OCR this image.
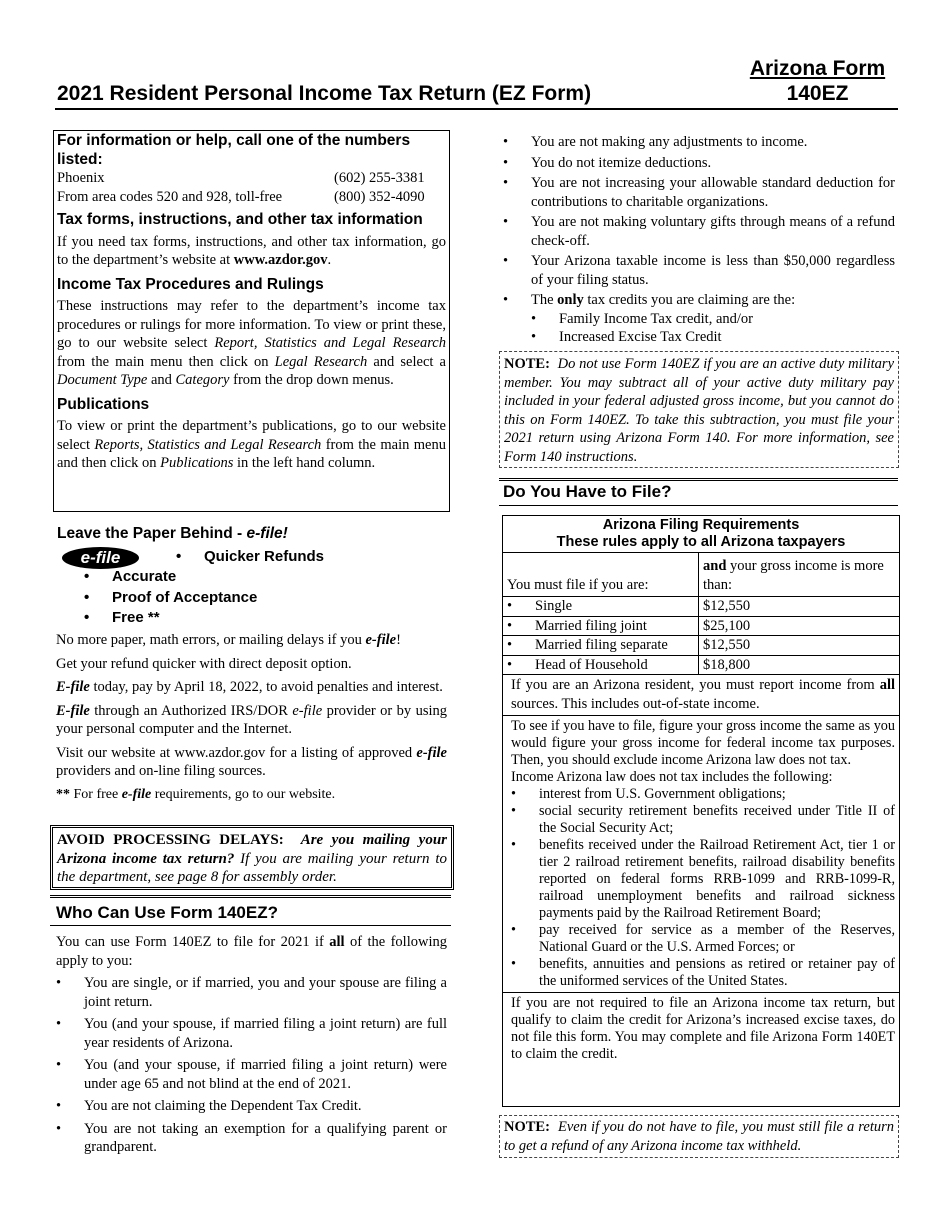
2021 Resident Personal Income Tax Return (EZ Form)
Arizona Form
140EZ
For information or help, call one of the numbers listed:
Phoenix	(602) 255-3381
From area codes 520 and 928, toll-free	(800) 352-4090
Tax forms, instructions, and other tax information

If you need tax forms, instructions, and other tax information, go to the department’s website at www.azdor.gov.

Income Tax Procedures and Rulings

These instructions may refer to the department’s income tax procedures or rulings for more information. To view or print these, go to our website select Report, Statistics and Legal Research from the main menu then click on Legal Research and select a Document Type and Category from the drop down menus.

Publications

To view or print the department’s publications, go to our website select Reports, Statistics and Legal Research from the main menu and then click on Publications in the left hand column.

Leave the Paper Behind - e-file!
e-file	•	Quicker Refunds
•	Accurate
•	Proof of Acceptance
•	Free **

No more paper, math errors, or mailing delays if you e-file!

Get your refund quicker with direct deposit option.

E-file today, pay by April 18, 2022, to avoid penalties and interest.

E-file through an Authorized IRS/DOR e-file provider or by using your personal computer and the Internet.

Visit our website at www.azdor.gov for a listing of approved e-file providers and on-line filing sources.

** For free e-file requirements, go to our website.

AVOID PROCESSING DELAYS: Are you mailing your Arizona income tax return? If you are mailing your return to the department, see page 8 for assembly order.
Who Can Use Form 140EZ?

You can use Form 140EZ to file for 2021 if all of the following apply to you:

•	You are single, or if married, you and your spouse are filing a joint return.
•	You (and your spouse, if married filing a joint return) are full year residents of Arizona.
•	You (and your spouse, if married filing a joint return) were under age 65 and not blind at the end of 2021.
•	You are not claiming the Dependent Tax Credit.
•	You are not taking an exemption for a qualifying parent or grandparent.
•	You are not making any adjustments to income.
•	You do not itemize deductions.
•	You are not increasing your allowable standard deduction for contributions to charitable organizations.
•	You are not making voluntary gifts through means of a refund check-off.
•	Your Arizona taxable income is less than $50,000 regardless of your filing status.
•	The only tax credits you are claiming are the:
•	Family Income Tax credit, and/or
•	Increased Excise Tax Credit
NOTE: Do not use Form 140EZ if you are an active duty military member. You may subtract all of your active duty military pay included in your federal adjusted gross income, but you cannot do this on Form 140EZ. To take this subtraction, you must file your 2021 return using Arizona Form 140. For more information, see Form 140 instructions.
Do You Have to File?
Arizona Filing Requirements
These rules apply to all Arizona taxpayers
You must file if you are:	and your gross income is more than:

• Single	$12,550

• Married filing joint	$25,100

• Married filing separate	$12,550

• Head of Household	$18,800
If you are an Arizona resident, you must report income from all sources. This includes out-of-state income.

To see if you have to file, figure your gross income the same as you would figure your gross income for federal income tax purposes. Then, you should exclude income Arizona law does not tax.

Income Arizona law does not tax includes the following:

•	interest from U.S. Government obligations;
•	social security retirement benefits received under Title II of the Social Security Act;
•	benefits received under the Railroad Retirement Act, tier 1 or tier 2 railroad retirement benefits, railroad disability benefits reported on federal forms RRB-1099 and RRB-1099-R, railroad unemployment benefits and railroad sickness payments paid by the Railroad Retirement Board;
•	pay received for service as a member of the Reserves, National Guard or the U.S. Armed Forces; or
•	benefits, annuities and pensions as retired or retainer pay of the uniformed services of the United States.
If you are not required to file an Arizona income tax return, but qualify to claim the credit for Arizona’s increased excise taxes, do not file this form. You may complete and file Arizona Form 140ET to claim the credit.
NOTE: Even if you do not have to file, you must still file a return to get a refund of any Arizona income tax withheld.
